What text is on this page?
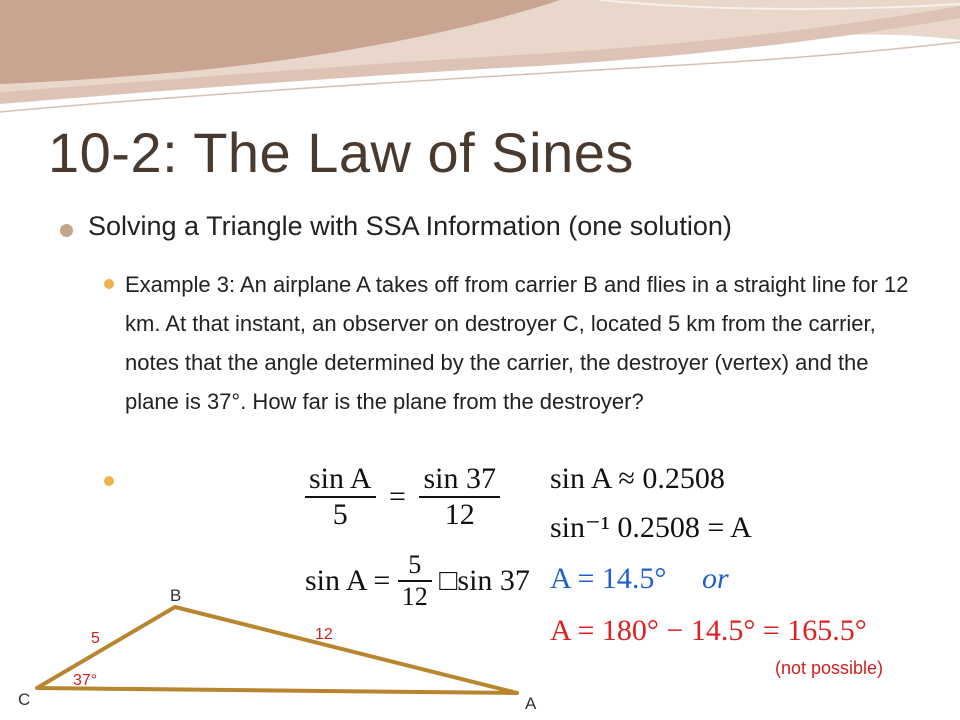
10-2: The Law of Sines
Solving a Triangle with SSA Information (one solution)
Example 3: An airplane A takes off from carrier B and flies in a straight line for 12 km. At that instant, an observer on destroyer C, located 5 km from the carrier, notes that the angle determined by the carrier, the destroyer (vertex) and the plane is 37°. How far is the plane from the destroyer?
$\frac{\text{sin A}}{5} = \frac{\sin 37}{12}$
$\sin A = \frac{5}{12}$ □sin 37
sin A ≈ 0.2508
sin⁻¹ 0.2508 = A
A = 14.5° or
A = 180° − 14.5° = 165.5°
(not possible)
B
C	A
5	12
37°
